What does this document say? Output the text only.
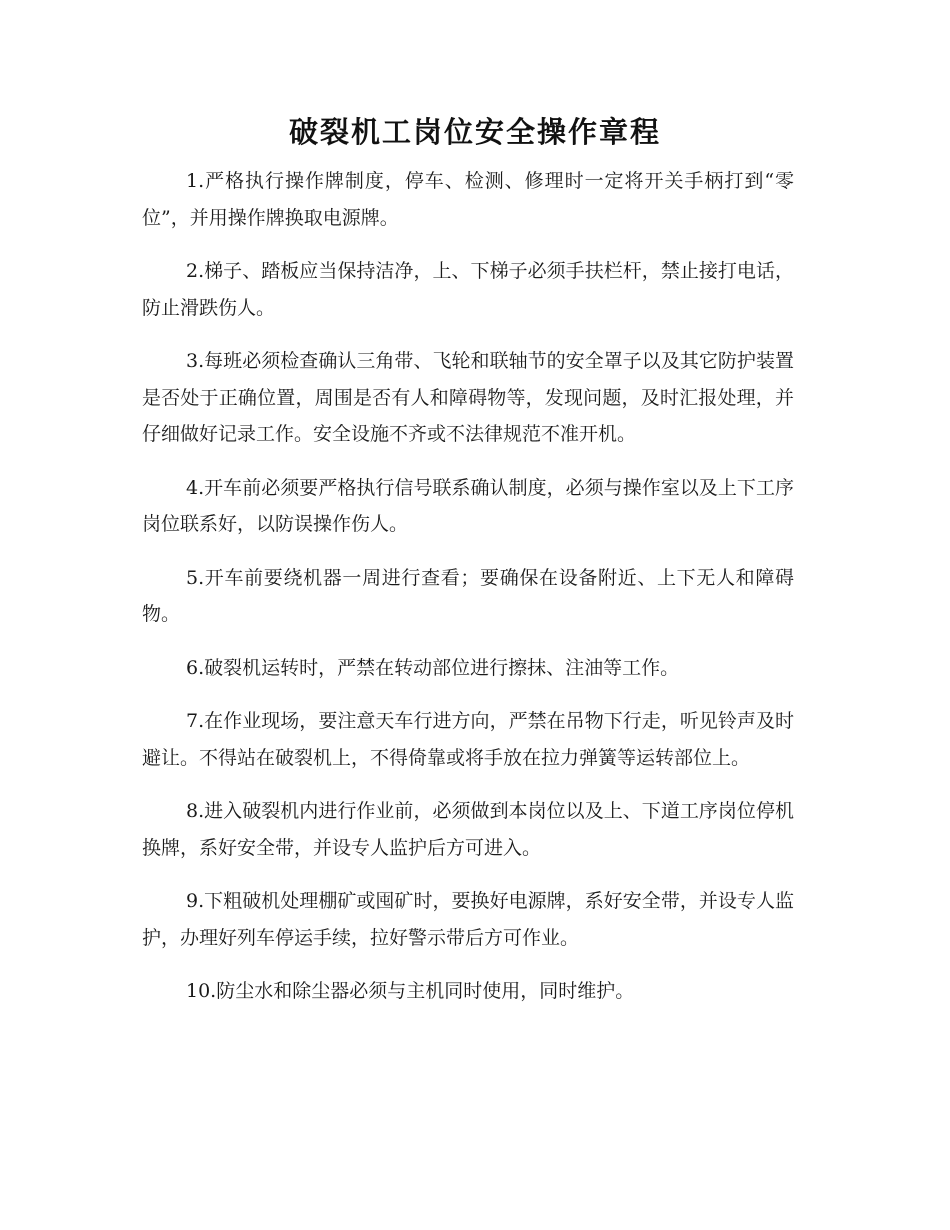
破裂机工岗位安全操作章程

1.严格执行操作牌制度，停车、检测、修理时一定将开关手柄打到“零位”，并用操作牌换取电源牌。

2.梯子、踏板应当保持洁净，上、下梯子必须手扶栏杆，禁止接打电话，防止滑跌伤人。

3.每班必须检查确认三角带、飞轮和联轴节的安全罩子以及其它防护装置是否处于正确位置，周围是否有人和障碍物等，发现问题，及时汇报处理，并仔细做好记录工作。安全设施不齐或不法律规范不准开机。

4.开车前必须要严格执行信号联系确认制度，必须与操作室以及上下工序岗位联系好，以防误操作伤人。

5.开车前要绕机器一周进行查看；要确保在设备附近、上下无人和障碍物。

6.破裂机运转时，严禁在转动部位进行擦抹、注油等工作。

7.在作业现场，要注意天车行进方向，严禁在吊物下行走，听见铃声及时避让。不得站在破裂机上，不得倚靠或将手放在拉力弹簧等运转部位上。

8.进入破裂机内进行作业前，必须做到本岗位以及上、下道工序岗位停机换牌，系好安全带，并设专人监护后方可进入。

9.下粗破机处理棚矿或囤矿时，要换好电源牌，系好安全带，并设专人监护，办理好列车停运手续，拉好警示带后方可作业。

10.防尘水和除尘器必须与主机同时使用，同时维护。
